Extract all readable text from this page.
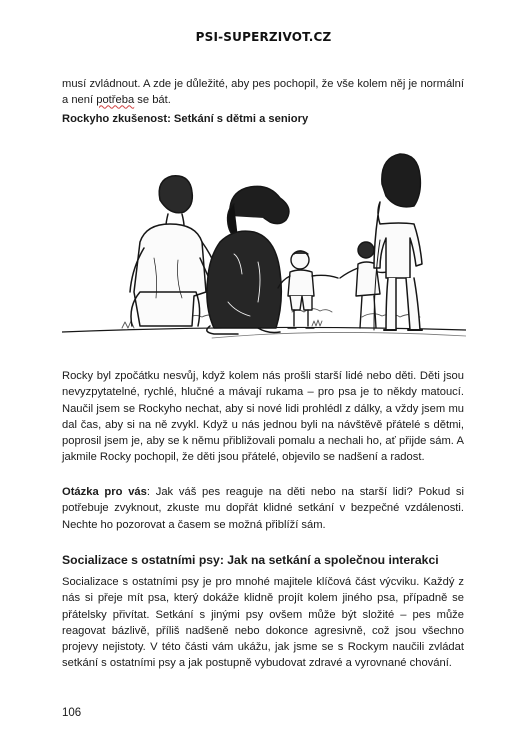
PSI-SUPERZIVOT.CZ

musí zvládnout. A zde je důležité, aby pes pochopil, že vše kolem něj je normální a není potřeba se bát.

Rockyho zkušenost: Setkání s dětmi a seniory

Rocky byl zpočátku nesvůj, když kolem nás prošli starší lidé nebo děti. Děti jsou nevyzpytatelné, rychlé, hlučné a mávají rukama – pro psa je to někdy matoucí. Naučil jsem se Rockyho nechat, aby si nové lidi prohlédl z dálky, a vždy jsem mu dal čas, aby si na ně zvykl. Když u nás jednou byli na návštěvě přátelé s dětmi, poprosil jsem je, aby se k němu přibližovali pomalu a nechali ho, ať přijde sám. A jakmile Rocky pochopil, že děti jsou přátelé, objevilo se nadšení a radost.

Otázka pro vás: Jak váš pes reaguje na děti nebo na starší lidi? Pokud si potřebuje zvyknout, zkuste mu dopřát klidné setkání v bezpečné vzdálenosti. Nechte ho pozorovat a časem se možná přiblíží sám.

Socializace s ostatními psy: Jak na setkání a společnou interakci

Socializace s ostatními psy je pro mnohé majitele klíčová část výcviku. Každý z nás si přeje mít psa, který dokáže klidně projít kolem jiného psa, případně se přátelsky přivítat. Setkání s jinými psy ovšem může být složité – pes může reagovat bázlivě, příliš nadšeně nebo dokonce agresivně, což jsou všechno projevy nejistoty. V této části vám ukážu, jak jsme se s Rockym naučili zvládat setkání s ostatními psy a jak postupně vybudovat zdravé a vyrovnané chování.

106
